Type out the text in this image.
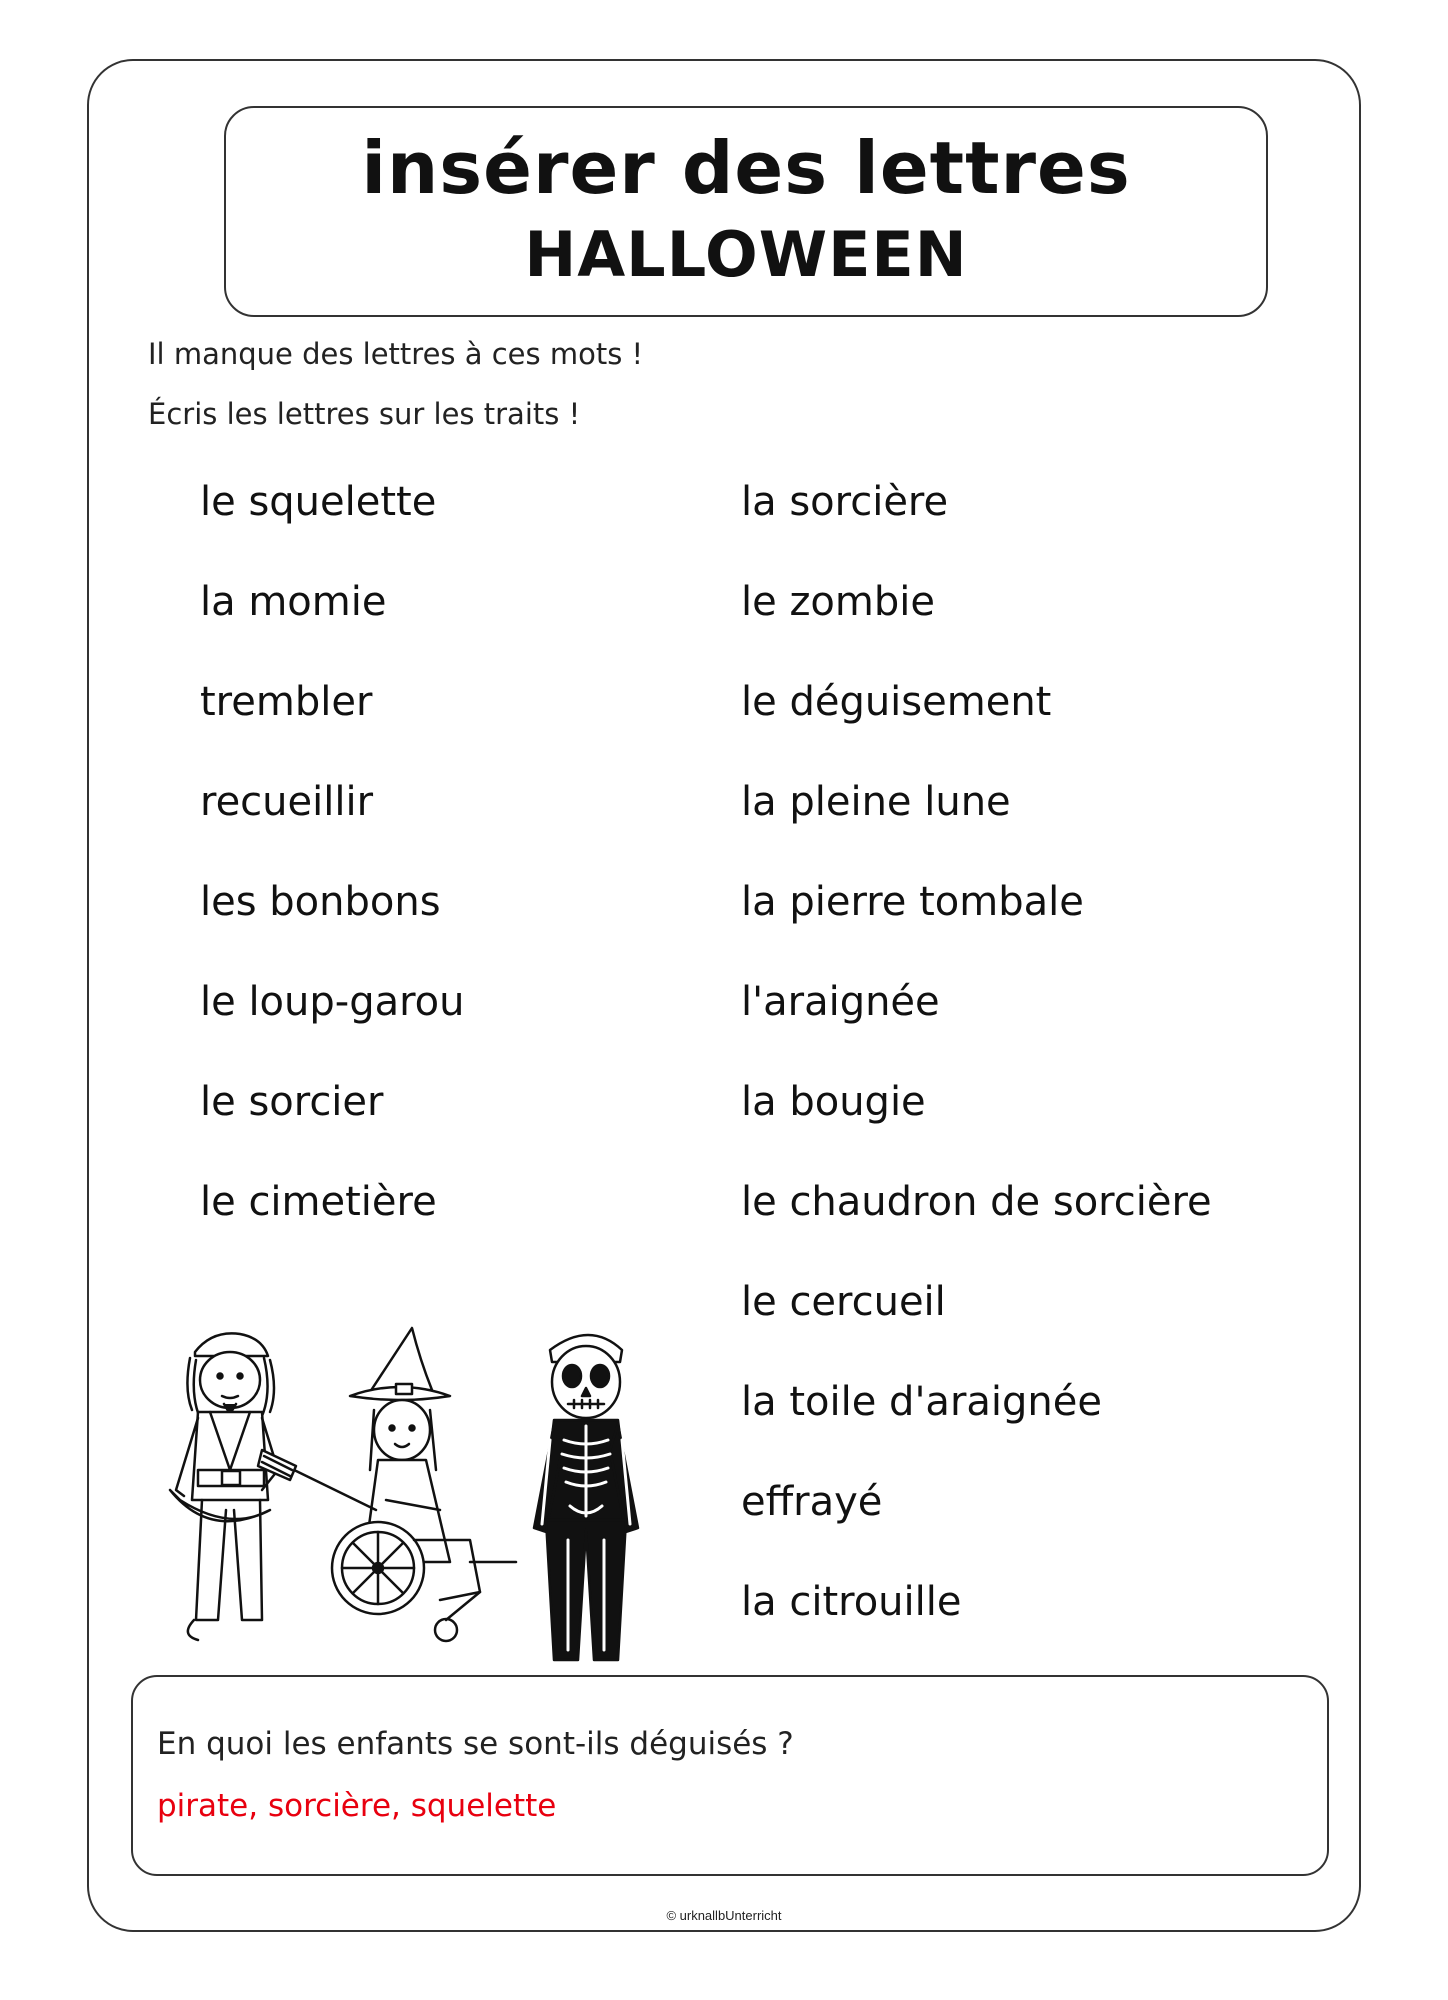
insérer des lettres
HALLOWEEN
Il manque des lettres à ces mots !
Écris les lettres sur les traits !
le squelette
la momie
trembler
recueillir
les bonbons
le loup-garou
le sorcier
le cimetière
la sorcière
le zombie
le déguisement
la pleine lune
la pierre tombale
l'araignée
la bougie
le chaudron de sorcière
le cercueil
la toile d'araignée
effrayé
la citrouille
En quoi les enfants se sont-ils déguisés ?
pirate, sorcière, squelette
© urknallbUnterricht
